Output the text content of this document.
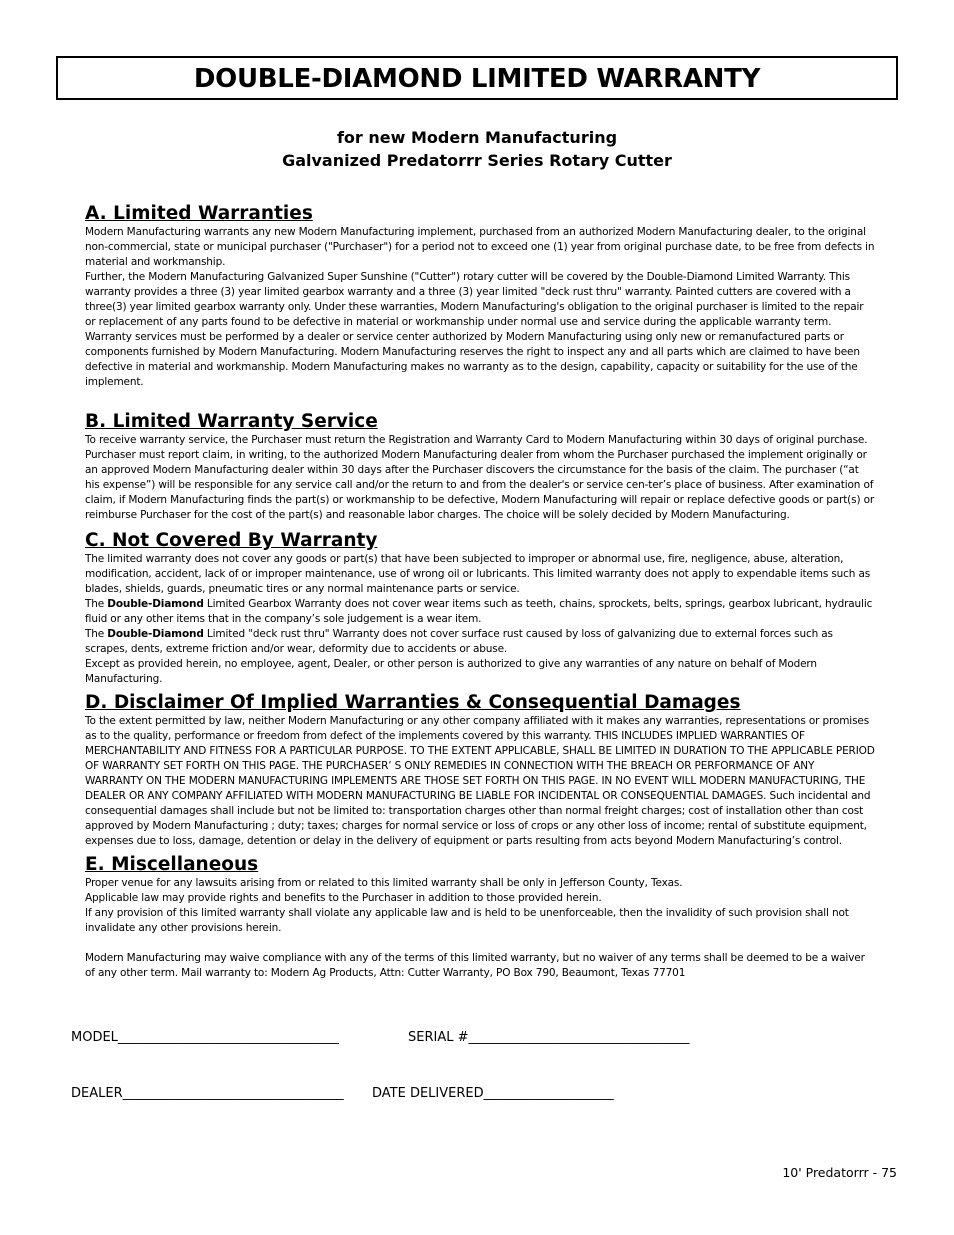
DOUBLE-DIAMOND LIMITED WARRANTY
for new Modern Manufacturing
Galvanized Predatorrr Series Rotary Cutter
A. Limited Warranties

Modern Manufacturing warrants any new Modern Manufacturing implement, purchased from an authorized Modern Manufacturing dealer, to the original non-commercial, state or municipal purchaser ("Purchaser") for a period not to exceed one (1) year from original purchase date, to be free from defects in material and workmanship.

Further, the Modern Manufacturing Galvanized Super Sunshine ("Cutter") rotary cutter will be covered by the Double-Diamond Limited Warranty. This warranty provides a three (3) year limited gearbox warranty and a three (3) year limited "deck rust thru" warranty. Painted cutters are covered with a three(3) year limited gearbox warranty only. Under these warranties, Modern Manufacturing's obligation to the original purchaser is limited to the repair or replacement of any parts found to be defective in material or workmanship under normal use and service during the applicable warranty term. Warranty services must be performed by a dealer or service center authorized by Modern Manufacturing using only new or remanufactured parts or components furnished by Modern Manufacturing. Modern Manufacturing reserves the right to inspect any and all parts which are claimed to have been defective in material and workmanship. Modern Manufacturing makes no warranty as to the design, capability, capacity or suitability for the use of the implement.

B. Limited Warranty Service

To receive warranty service, the Purchaser must return the Registration and Warranty Card to Modern Manufacturing within 30 days of original purchase. Purchaser must report claim, in writing, to the authorized Modern Manufacturing dealer from whom the Purchaser purchased the implement originally or an approved Modern Manufacturing dealer within 30 days after the Purchaser discovers the circumstance for the basis of the claim. The purchaser (“at his expense”) will be responsible for any service call and/or the return to and from the dealer's or service cen-ter’s place of business. After examination of claim, if Modern Manufacturing finds the part(s) or workmanship to be defective, Modern Manufacturing will repair or replace defective goods or part(s) or reimburse Purchaser for the cost of the part(s) and reasonable labor charges. The choice will be solely decided by Modern Manufacturing.

C. Not Covered By Warranty

The limited warranty does not cover any goods or part(s) that have been subjected to improper or abnormal use, fire, negligence, abuse, alteration, modification, accident, lack of or improper maintenance, use of wrong oil or lubricants. This limited warranty does not apply to expendable items such as blades, shields, guards, pneumatic tires or any normal maintenance parts or service.

The Double-Diamond Limited Gearbox Warranty does not cover wear items such as teeth, chains, sprockets, belts, springs, gearbox lubricant, hydraulic fluid or any other items that in the company’s sole judgement is a wear item.

The Double-Diamond Limited "deck rust thru" Warranty does not cover surface rust caused by loss of galvanizing due to external forces such as scrapes, dents, extreme friction and/or wear, deformity due to accidents or abuse.

Except as provided herein, no employee, agent, Dealer, or other person is authorized to give any warranties of any nature on behalf of Modern Manufacturing.

D. Disclaimer Of Implied Warranties & Consequential Damages

To the extent permitted by law, neither Modern Manufacturing or any other company affiliated with it makes any warranties, representations or promises as to the quality, performance or freedom from defect of the implements covered by this warranty. THIS INCLUDES IMPLIED WARRANTIES OF MERCHANTABILITY AND FITNESS FOR A PARTICULAR PURPOSE. TO THE EXTENT APPLICABLE, SHALL BE LIMITED IN DURATION TO THE APPLICABLE PERIOD OF WARRANTY SET FORTH ON THIS PAGE. THE PURCHASER’ S ONLY REMEDIES IN CONNECTION WITH THE BREACH OR PERFORMANCE OF ANY WARRANTY ON THE MODERN MANUFACTURING IMPLEMENTS ARE THOSE SET FORTH ON THIS PAGE. IN NO EVENT WILL MODERN MANUFACTURING, THE DEALER OR ANY COMPANY AFFILIATED WITH MODERN MANUFACTURING BE LIABLE FOR INCIDENTAL OR CONSEQUENTIAL DAMAGES. Such incidental and consequential damages shall include but not be limited to: transportation charges other than normal freight charges; cost of installation other than cost approved by Modern Manufacturing ; duty; taxes; charges for normal service or loss of crops or any other loss of income; rental of substitute equipment, expenses due to loss, damage, detention or delay in the delivery of equipment or parts resulting from acts beyond Modern Manufacturing’s control.

E. Miscellaneous

Proper venue for any lawsuits arising from or related to this limited warranty shall be only in Jefferson County, Texas.

Applicable law may provide rights and benefits to the Purchaser in addition to those provided herein.

If any provision of this limited warranty shall violate any applicable law and is held to be unenforceable, then the invalidity of such provision shall not invalidate any other provisions herein.

Modern Manufacturing may waive compliance with any of the terms of this limited warranty, but no waiver of any terms shall be deemed to be a waiver of any other term. Mail warranty to: Modern Ag Products, Attn: Cutter Warranty, PO Box 790, Beaumont, Texas 77701

MODEL__________________________________	SERIAL #__________________________________
DEALER__________________________________ DATE DELIVERED____________________
10' Predatorrr - 75
